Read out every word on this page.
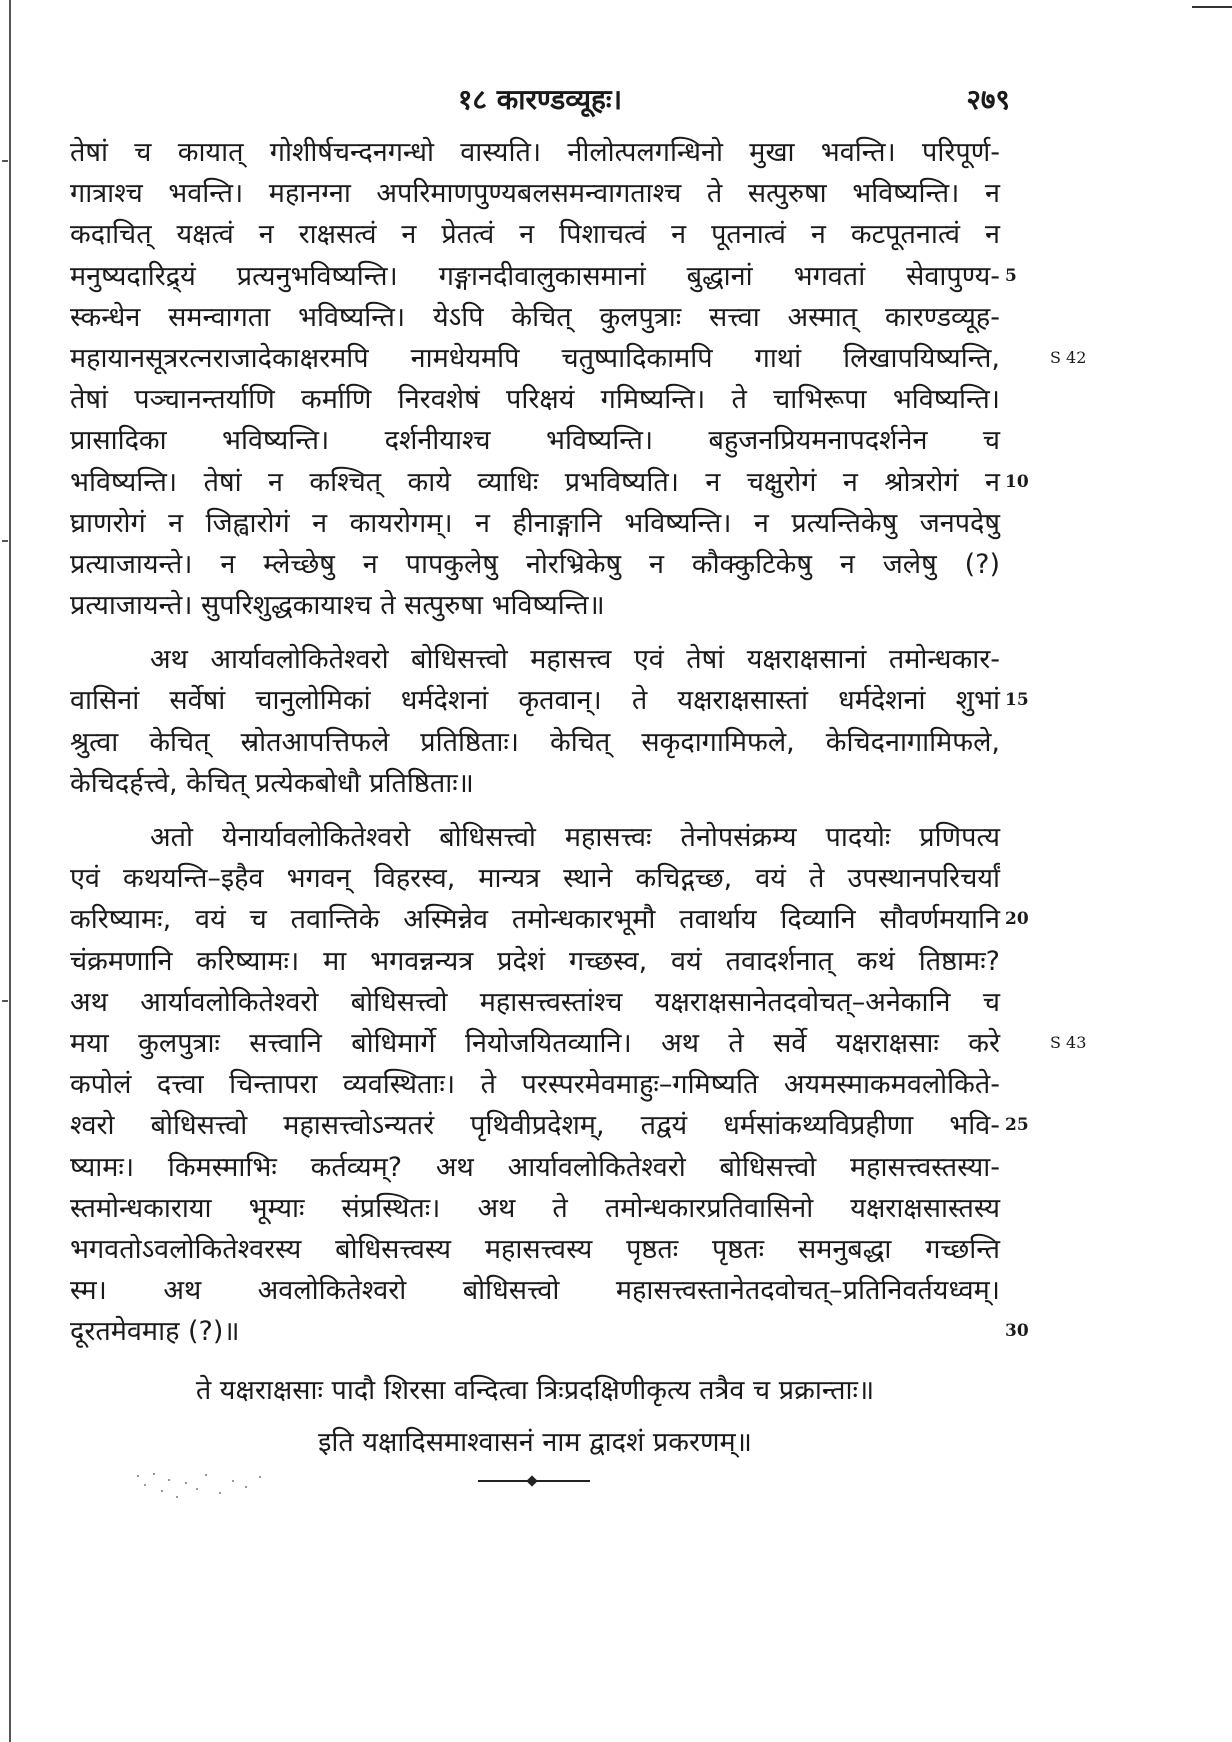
१८ कारण्डव्यूहः।	२७९
तेषां च कायात् गोशीर्षचन्दनगन्धो वास्यति। नीलोत्पलगन्धिनो मुखा भवन्ति। परिपूर्ण-
गात्राश्च भवन्ति। महानग्ना अपरिमाणपुण्यबलसमन्वागताश्च ते सत्पुरुषा भविष्यन्ति। न
कदाचित् यक्षत्वं न राक्षसत्वं न प्रेतत्वं न पिशाचत्वं न पूतनात्वं न कटपूतनात्वं न
मनुष्यदारिद्र्यं प्रत्यनुभविष्यन्ति। गङ्गानदीवालुकासमानां बुद्धानां भगवतां सेवापुण्य- 5
स्कन्धेन समन्वागता भविष्यन्ति। येऽपि केचित् कुलपुत्राः सत्त्वा अस्मात् कारण्डव्यूह-
महायानसूत्ररत्नराजादेकाक्षरमपि नामधेयमपि चतुष्पादिकामपि गाथां लिखापयिष्यन्ति,
तेषां पञ्चानन्तर्याणि कर्माणि निरवशेषं परिक्षयं गमिष्यन्ति। ते चाभिरूपा भविष्यन्ति।
प्रासादिका भविष्यन्ति। दर्शनीयाश्च भविष्यन्ति। बहुजनप्रियमनापदर्शनेन च
भविष्यन्ति। तेषां न कश्चित् काये व्याधिः प्रभविष्यति। न चक्षुरोगं न श्रोत्ररोगं न 10
घ्राणरोगं न जिह्वारोगं न कायरोगम्। न हीनाङ्गानि भविष्यन्ति। न प्रत्यन्तिकेषु जनपदेषु
प्रत्याजायन्ते। न म्लेच्छेषु न पापकुलेषु नोरभ्रिकेषु न कौक्कुटिकेषु न जलेषु (?)
प्रत्याजायन्ते। सुपरिशुद्धकायाश्च ते सत्पुरुषा भविष्यन्ति॥
अथ आर्यावलोकितेश्वरो बोधिसत्त्वो महासत्त्व एवं तेषां यक्षराक्षसानां तमोन्धकार-
वासिनां सर्वेषां चानुलोमिकां धर्मदेशनां कृतवान्। ते यक्षराक्षसास्तां धर्मदेशनां शुभां 15
श्रुत्वा केचित् स्रोतआपत्तिफले प्रतिष्ठिताः। केचित् सकृदागामिफले, केचिदनागामिफले,
केचिदर्हत्त्वे, केचित् प्रत्येकबोधौ प्रतिष्ठिताः॥
अतो येनार्यावलोकितेश्वरो बोधिसत्त्वो महासत्त्वः तेनोपसंक्रम्य पादयोः प्रणिपत्य
एवं कथयन्ति–इहैव भगवन् विहरस्व, मान्यत्र स्थाने कचिद्गच्छ, वयं ते उपस्थानपरिचर्यां
करिष्यामः, वयं च तवान्तिके अस्मिन्नेव तमोन्धकारभूमौ तवार्थाय दिव्यानि सौवर्णमयानि 20
चंक्रमणानि करिष्यामः। मा भगवन्नन्यत्र प्रदेशं गच्छस्व, वयं तवादर्शनात् कथं तिष्ठामः?
अथ आर्यावलोकितेश्वरो बोधिसत्त्वो महासत्त्वस्तांश्च यक्षराक्षसानेतदवोचत्–अनेकानि च
मया कुलपुत्राः सत्त्वानि बोधिमार्गे नियोजयितव्यानि। अथ ते सर्वे यक्षराक्षसाः करे
कपोलं दत्त्वा चिन्तापरा व्यवस्थिताः। ते परस्परमेवमाहुः–गमिष्यति अयमस्माकमवलोकिते-
श्वरो बोधिसत्त्वो महासत्त्वोऽन्यतरं पृथिवीप्रदेशम्, तद्वयं धर्मसांकथ्यविप्रहीणा भवि- 25
ष्यामः। किमस्माभिः कर्तव्यम्? अथ आर्यावलोकितेश्वरो बोधिसत्त्वो महासत्त्वस्तस्या-
स्तमोन्धकाराया भूम्याः संप्रस्थितः। अथ ते तमोन्धकारप्रतिवासिनो यक्षराक्षसास्तस्य
भगवतोऽवलोकितेश्वरस्य बोधिसत्त्वस्य महासत्त्वस्य पृष्ठतः पृष्ठतः समनुबद्धा गच्छन्ति
स्म। अथ अवलोकितेश्वरो बोधिसत्त्वो महासत्त्वस्तानेतदवोचत्–प्रतिनिवर्तयध्वम्।
दूरतमेवमाह (?)॥	30
S 42
S 43
ते यक्षराक्षसाः पादौ शिरसा वन्दित्वा त्रिःप्रदक्षिणीकृत्य तत्रैव च प्रक्रान्ताः॥
इति यक्षादिसमाश्वासनं नाम द्वादशं प्रकरणम्॥
